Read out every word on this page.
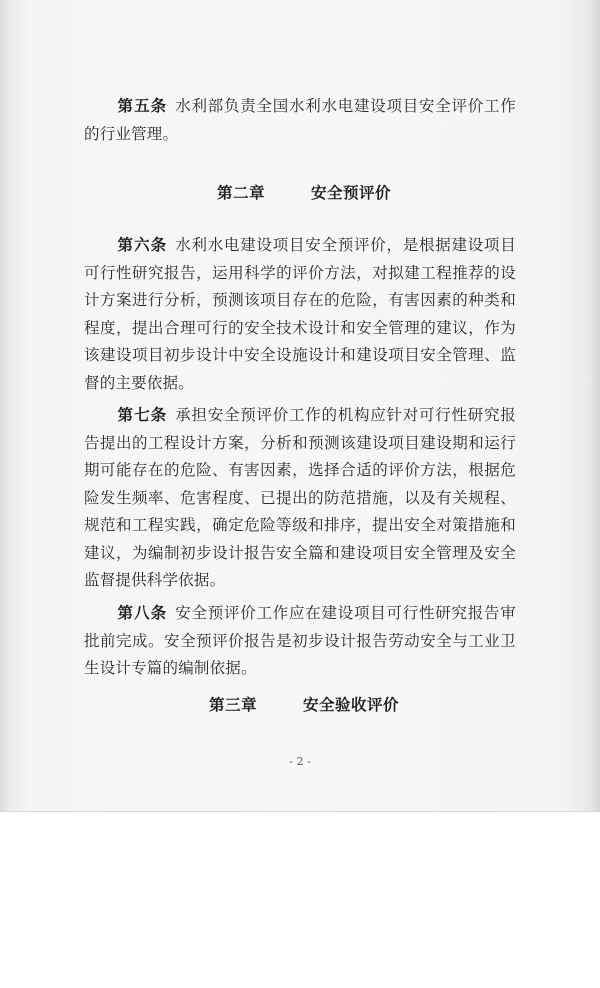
第五条 水利部负责全国水利水电建设项目安全评价工作的行业管理。

第二章	安全预评价

第六条 水利水电建设项目安全预评价，是根据建设项目可行性研究报告，运用科学的评价方法，对拟建工程推荐的设计方案进行分析，预测该项目存在的危险，有害因素的种类和程度，提出合理可行的安全技术设计和安全管理的建议，作为该建设项目初步设计中安全设施设计和建设项目安全管理、监督的主要依据。

第七条 承担安全预评价工作的机构应针对可行性研究报告提出的工程设计方案，分析和预测该建设项目建设期和运行期可能存在的危险、有害因素，选择合适的评价方法，根据危险发生频率、危害程度、已提出的防范措施，以及有关规程、规范和工程实践，确定危险等级和排序，提出安全对策措施和建议，为编制初步设计报告安全篇和建设项目安全管理及安全监督提供科学依据。

第八条 安全预评价工作应在建设项目可行性研究报告审批前完成。安全预评价报告是初步设计报告劳动安全与工业卫生设计专篇的编制依据。

第三章	安全验收评价

- 2 -
